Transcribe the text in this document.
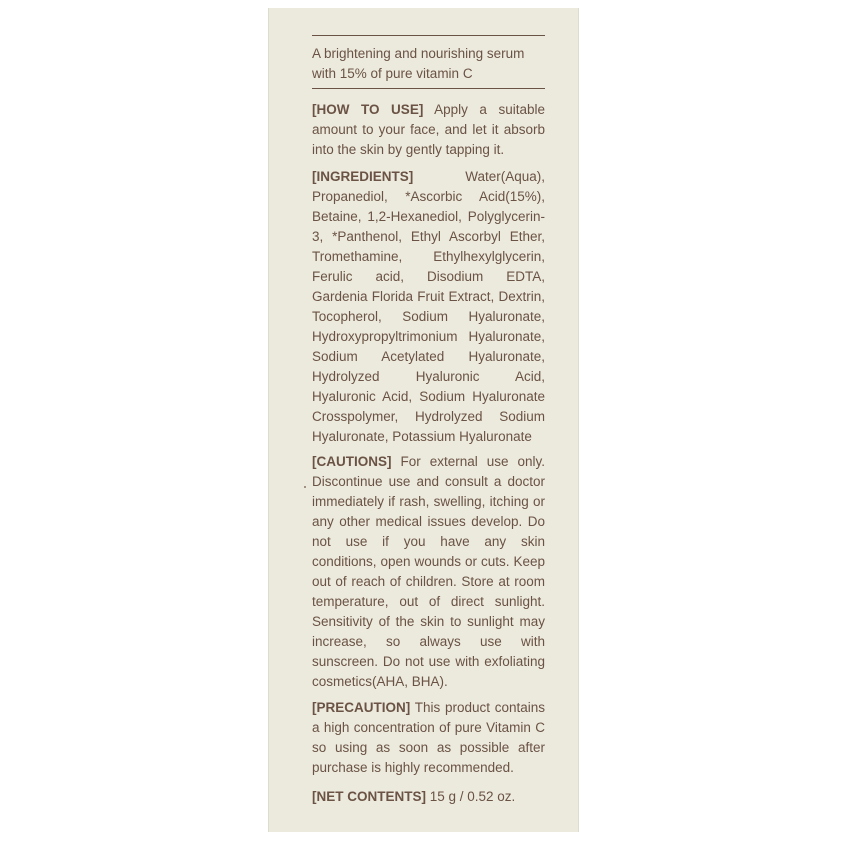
A brightening and nourishing serum with 15% of pure vitamin C

[HOW TO USE] Apply a suitable amount to your face, and let it absorb into the skin by gently tapping it.

[INGREDIENTS] Water(Aqua), Propanediol, *Ascorbic Acid(15%), Betaine, 1,2-Hexanediol, Polyglycerin-3, *Panthenol, Ethyl Ascorbyl Ether, Tromethamine, Ethylhexylglycerin, Ferulic acid, Disodium EDTA, Gardenia Florida Fruit Extract, Dextrin, Tocopherol, Sodium Hyaluronate, Hydroxypropyltrimonium Hyaluronate, Sodium Acetylated Hyaluronate, Hydrolyzed Hyaluronic Acid, Hyaluronic Acid, Sodium Hyaluronate Crosspolymer, Hydrolyzed Sodium Hyaluronate, Potassium Hyaluronate

[CAUTIONS] For external use only. Discontinue use and consult a doctor immediately if rash, swelling, itching or any other medical issues develop. Do not use if you have any skin conditions, open wounds or cuts. Keep out of reach of children. Store at room temperature, out of direct sunlight. Sensitivity of the skin to sunlight may increase, so always use with sunscreen. Do not use with exfoliating cosmetics(AHA, BHA).

[PRECAUTION] This product contains a high concentration of pure Vitamin C so using as soon as possible after purchase is highly recommended.

[NET CONTENTS] 15 g / 0.52 oz.
